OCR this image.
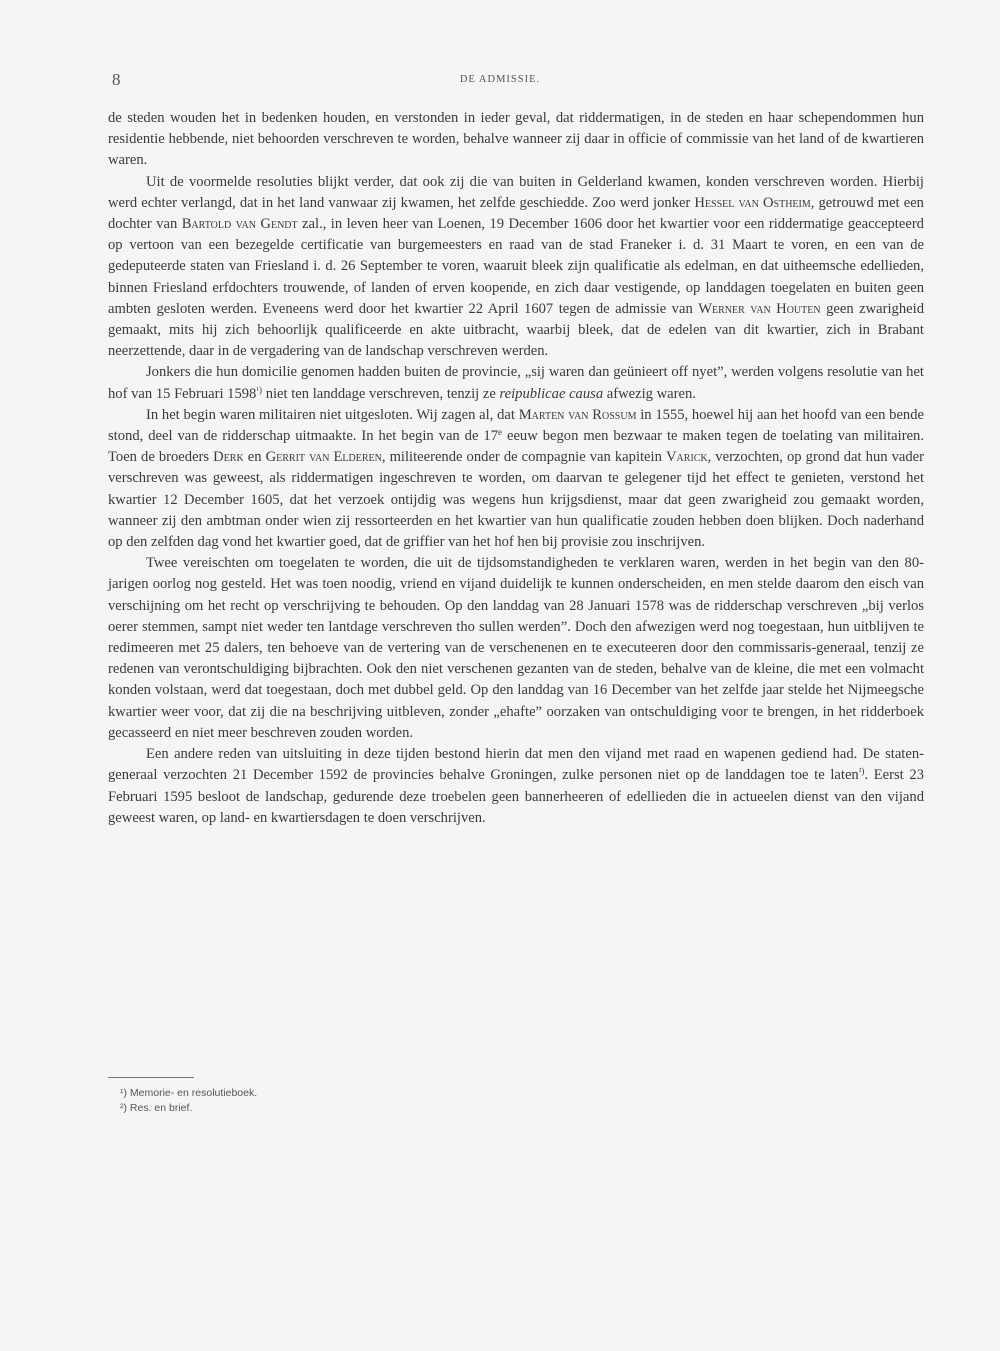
8	DE ADMISSIE.

de steden wouden het in bedenken houden, en verstonden in ieder geval, dat riddermatigen, in de steden en haar schependommen hun residentie hebbende, niet behoorden verschreven te worden, behalve wanneer zij daar in officie of commissie van het land of de kwartieren waren.

Uit de voormelde resoluties blijkt verder, dat ook zij die van buiten in Gelderland kwamen, konden verschreven worden. Hierbij werd echter verlangd, dat in het land vanwaar zij kwamen, het zelfde geschiedde. Zoo werd jonker Hessel van Ostheim, getrouwd met een dochter van Bartold van Gendt zal., in leven heer van Loenen, 19 December 1606 door het kwartier voor een riddermatige geaccepteerd op vertoon van een bezegelde certificatie van burgemeesters en raad van de stad Franeker i. d. 31 Maart te voren, en een van de gedeputeerde staten van Friesland i. d. 26 September te voren, waaruit bleek zijn qualificatie als edelman, en dat uitheemsche edellieden, binnen Friesland erfdochters trouwende, of landen of erven koopende, en zich daar vestigende, op landdagen toegelaten en buiten geen ambten gesloten werden. Eveneens werd door het kwartier 22 April 1607 tegen de admissie van Werner van Houten geen zwarigheid gemaakt, mits hij zich behoorlijk qualificeerde en akte uitbracht, waarbij bleek, dat de edelen van dit kwartier, zich in Brabant neerzettende, daar in de vergadering van de landschap verschreven werden.

Jonkers die hun domicilie genomen hadden buiten de provincie, „sij waren dan geünieert off nyet”, werden volgens resolutie van het hof van 15 Februari $1598^{^1)}$ niet ten landdage verschreven, tenzij ze reipublicae causa afwezig waren.

In het begin waren militairen niet uitgesloten. Wij zagen al, dat Marten van Rossum in 1555, hoewel hij aan het hoofd van een bende stond, deel van de ridderschap uitmaakte. In het begin van de 17e eeuw begon men bezwaar te maken tegen de toelating van militairen. Toen de broeders Derk en Gerrit van Elderen, militeerende onder de compagnie van kapitein Varick, verzochten, op grond dat hun vader verschreven was geweest, als riddermatigen ingeschreven te worden, om daarvan te gelegener tijd het effect te genieten, verstond het kwartier 12 December 1605, dat het verzoek ontijdig was wegens hun krijgsdienst, maar dat geen zwarigheid zou gemaakt worden, wanneer zij den ambtman onder wien zij ressorteerden en het kwartier van hun qualificatie zouden hebben doen blijken. Doch naderhand op den zelfden dag vond het kwartier goed, dat de griffier van het hof hen bij provisie zou inschrijven.

Twee vereischten om toegelaten te worden, die uit de tijdsomstandigheden te verklaren waren, werden in het begin van den 80-jarigen oorlog nog gesteld. Het was toen noodig, vriend en vijand duidelijk te kunnen onderscheiden, en men stelde daarom den eisch van verschijning om het recht op verschrijving te behouden. Op den landdag van 28 Januari 1578 was de ridderschap verschreven „bij verlos oerer stemmen, sampt niet weder ten lantdage verschreven tho sullen werden”. Doch den afwezigen werd nog toegestaan, hun uitblijven te redimeeren met 25 dalers, ten behoeve van de vertering van de verschenenen en te executeeren door den commissaris-generaal, tenzij ze redenen van verontschuldiging bijbrachten. Ook den niet verschenen gezanten van de steden, behalve van de kleine, die met een volmacht konden volstaan, werd dat toegestaan, doch met dubbel geld. Op den landdag van 16 December van het zelfde jaar stelde het Nijmeegsche kwartier weer voor, dat zij die na beschrijving uitbleven, zonder „ehafte” oorzaken van ontschuldiging voor te brengen, in het ridderboek gecasseerd en niet meer beschreven zouden worden.

Een andere reden van uitsluiting in deze tijden bestond hierin dat men den vijand met raad en wapenen gediend had. De staten-generaal verzochten 21 December 1592 de provincies behalve Groningen, zulke personen niet op de landdagen toe te laten$^{^2)}$. Eerst 23 Februari 1595 besloot de landschap, gedurende deze troebelen geen bannerheeren of edellieden die in actueelen dienst van den vijand geweest waren, op land- en kwartiersdagen te doen verschrijven.

¹) Memorie- en resolutieboek.

²) Res. en brief.
